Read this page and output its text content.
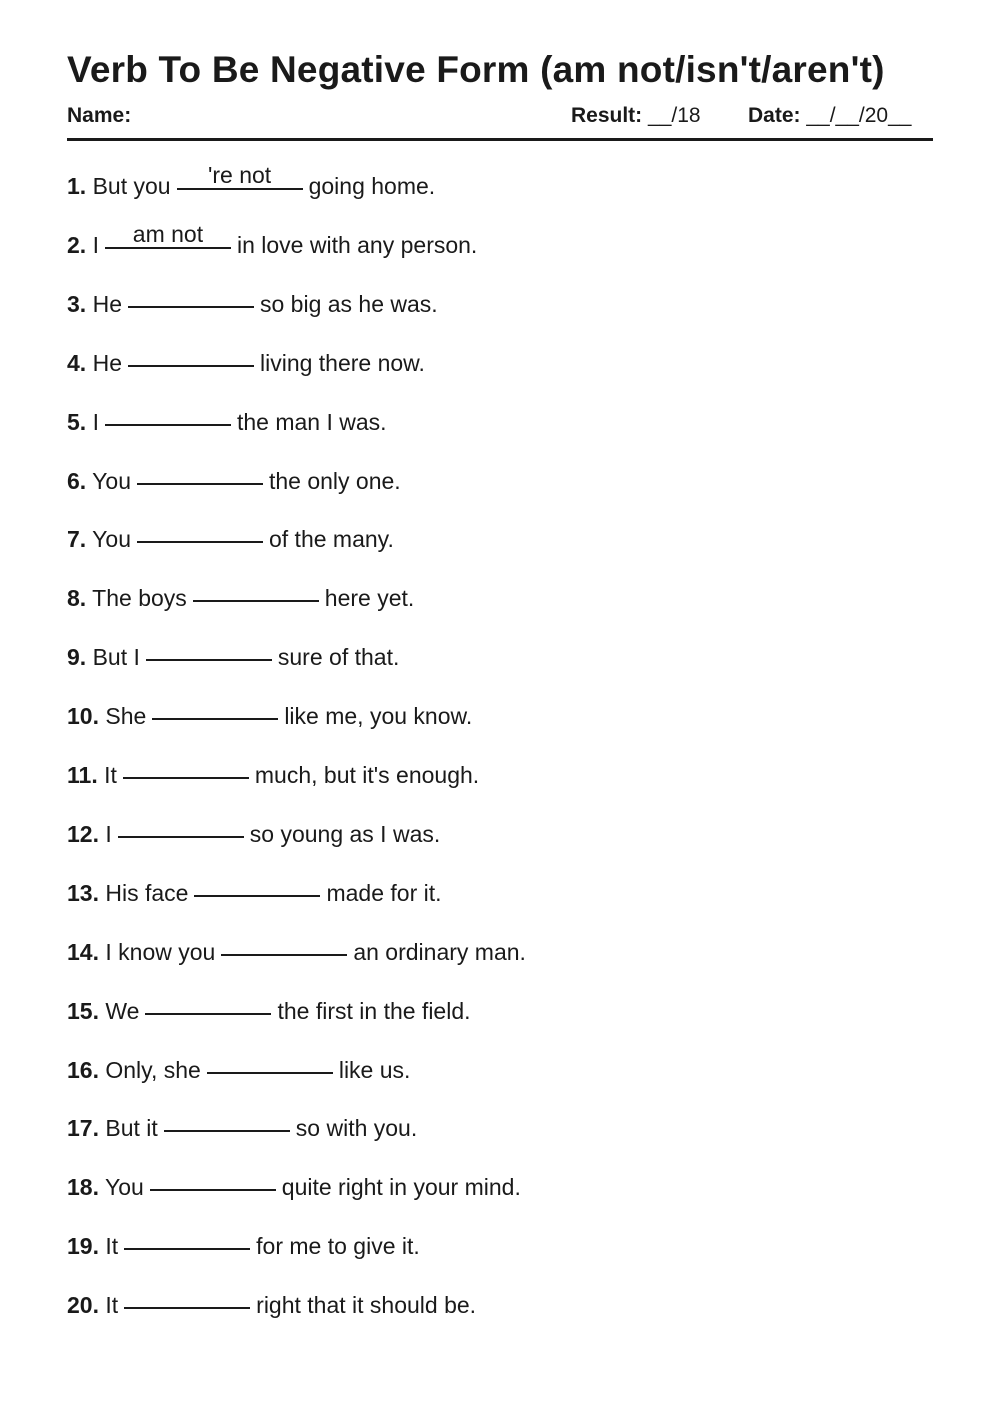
Verb To Be Negative Form (am not/isn't/aren't)
Name:	Result: __/18 Date: __/__/20__
1. But you	're not	going home.
2. I	am not	in love with any person.
3. He	so big as he was.
4. He	living there now.
5. I	the man I was.
6. You	the only one.
7. You	of the many.
8. The boys	here yet.
9. But I	sure of that.
10. She	like me, you know.
11. It	much, but it's enough.
12. I	so young as I was.
13. His face	made for it.
14. I know you	an ordinary man.
15. We	the first in the field.
16. Only, she	like us.
17. But it	so with you.
18. You	quite right in your mind.
19. It	for me to give it.
20. It	right that it should be.
